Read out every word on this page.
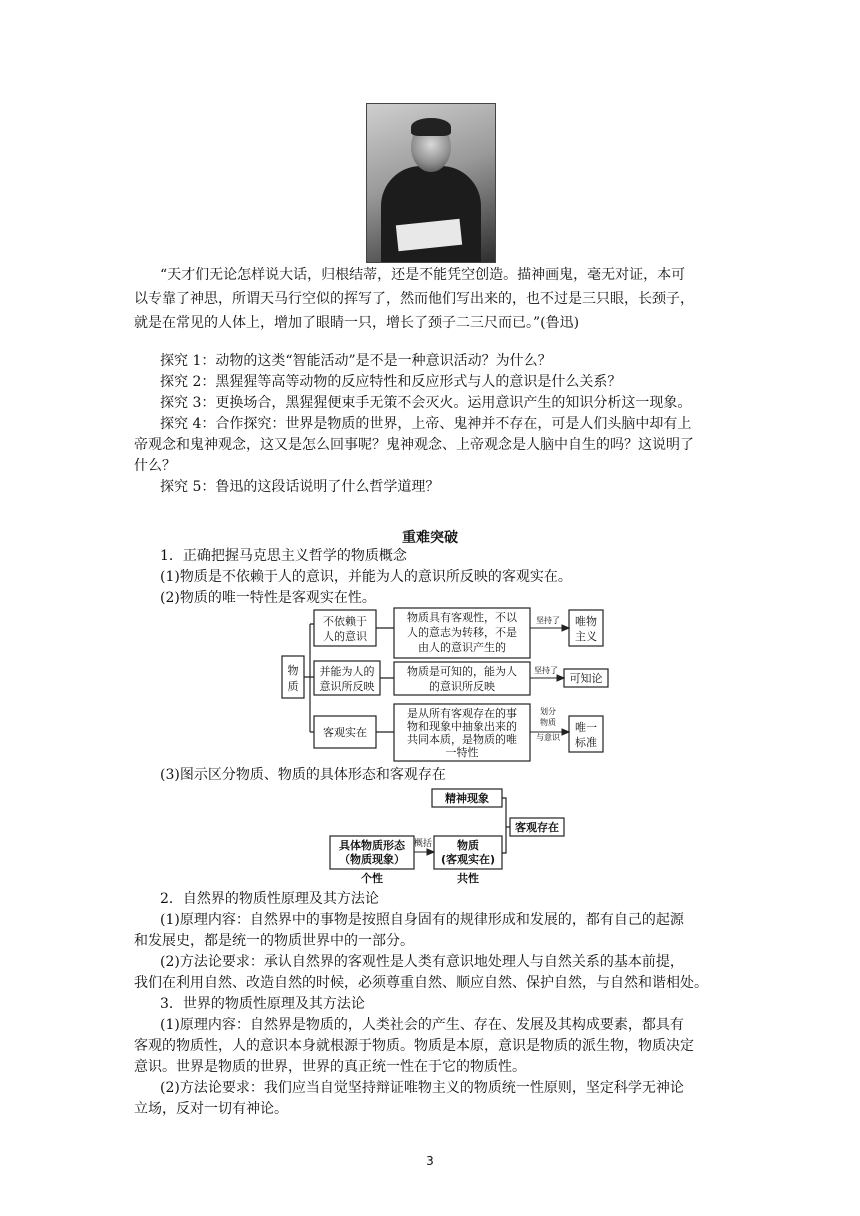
“天才们无论怎样说大话，归根结蒂，还是不能凭空创造。描神画鬼，毫无对证，本可
以专靠了神思，所谓天马行空似的挥写了，然而他们写出来的，也不过是三只眼，长颈子，
就是在常见的人体上，增加了眼睛一只，增长了颈子二三尺而已。”(鲁迅)
探究 1：动物的这类“智能活动”是不是一种意识活动？为什么？
探究 2：黑猩猩等高等动物的反应特性和反应形式与人的意识是什么关系？
探究 3：更换场合，黑猩猩便束手无策不会灭火。运用意识产生的知识分析这一现象。
探究 4：合作探究：世界是物质的世界，上帝、鬼神并不存在，可是人们头脑中却有上
帝观念和鬼神观念，这又是怎么回事呢？鬼神观念、上帝观念是人脑中自生的吗？这说明了
什么？
探究 5：鲁迅的这段话说明了什么哲学道理？
重难突破
1．正确把握马克思主义哲学的物质概念
(1)物质是不依赖于人的意识，并能为人的意识所反映的客观实在。
(2)物质的唯一特性是客观实在性。
物
质
不依赖于
人的意识
并能为人的
意识所反映
客观实在
物质具有客观性，不以
人的意志为转移，不是
由人的意识产生的
物质是可知的，能为人
的意识所反映
是从所有客观存在的事
物和现象中抽象出来的
共同本质，是物质的唯
一特性
唯物
主义
可知论
唯一
标准
坚持了
坚持了
划分
物质
与意识
(3)图示区分物质、物质的具体形态和客观存在
精神现象
客观存在
具体物质形态
（物质现象）
物质
(客观实在)
个性	共性
概括
2．自然界的物质性原理及其方法论
(1)原理内容：自然界中的事物是按照自身固有的规律形成和发展的，都有自己的起源
和发展史，都是统一的物质世界中的一部分。
(2)方法论要求：承认自然界的客观性是人类有意识地处理人与自然关系的基本前提，
我们在利用自然、改造自然的时候，必须尊重自然、顺应自然、保护自然，与自然和谐相处。
3．世界的物质性原理及其方法论
(1)原理内容：自然界是物质的，人类社会的产生、存在、发展及其构成要素，都具有
客观的物质性，人的意识本身就根源于物质。物质是本原，意识是物质的派生物，物质决定
意识。世界是物质的世界，世界的真正统一性在于它的物质性。
(2)方法论要求：我们应当自觉坚持辩证唯物主义的物质统一性原则，坚定科学无神论
立场，反对一切有神论。
3
